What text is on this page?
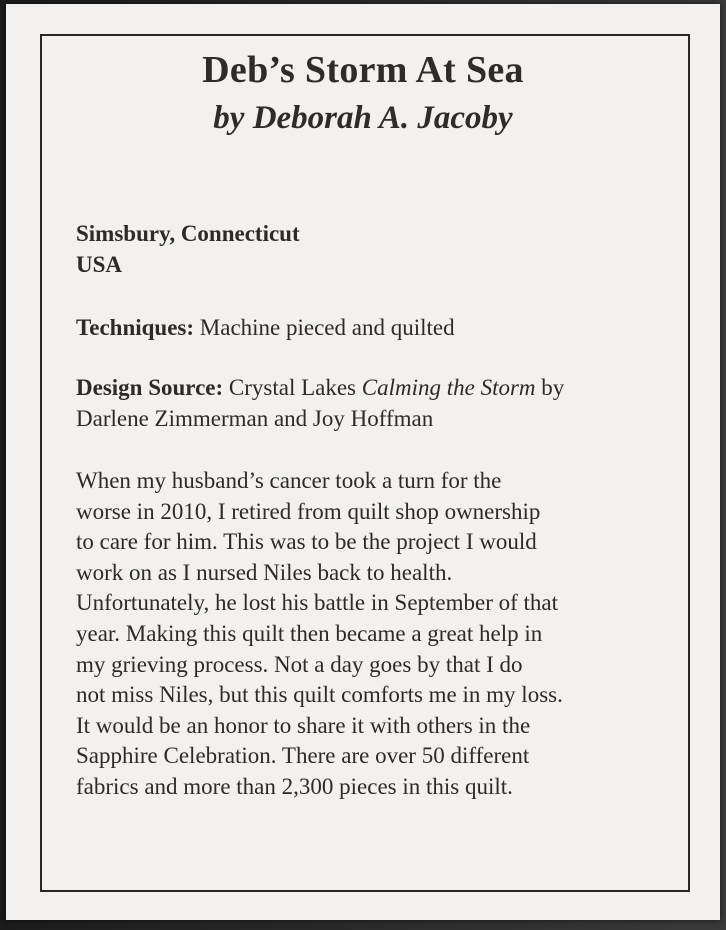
Deb’s Storm At Sea
by Deborah A. Jacoby
Simsbury, Connecticut
USA
Techniques: Machine pieced and quilted
Design Source: Crystal Lakes Calming the Storm by
Darlene Zimmerman and Joy Hoffman
When my husband’s cancer took a turn for the
worse in 2010, I retired from quilt shop ownership
to care for him. This was to be the project I would
work on as I nursed Niles back to health.
Unfortunately, he lost his battle in September of that
year. Making this quilt then became a great help in
my grieving process. Not a day goes by that I do
not miss Niles, but this quilt comforts me in my loss.
It would be an honor to share it with others in the
Sapphire Celebration. There are over 50 different
fabrics and more than 2,300 pieces in this quilt.
